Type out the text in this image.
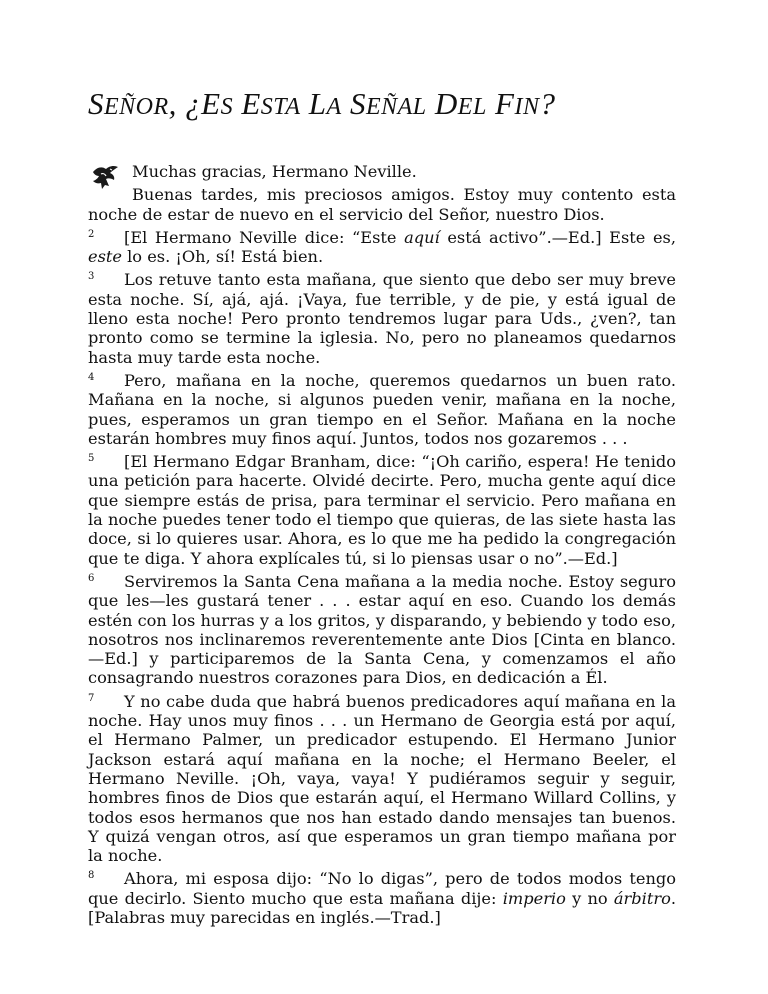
SEÑOR, ¿ES ESTA LA SEÑAL DEL FIN?

Muchas gracias, Hermano Neville.

Buenas tardes, mis preciosos amigos. Estoy muy contento esta noche de estar de nuevo en el servicio del Señor, nuestro Dios.

2 [El Hermano Neville dice: “Este aquí está activo”.—Ed.] Este es, este lo es. ¡Oh, sí! Está bien.

3 Los retuve tanto esta mañana, que siento que debo ser muy breve esta noche. Sí, ajá, ajá. ¡Vaya, fue terrible, y de pie, y está igual de lleno esta noche! Pero pronto tendremos lugar para Uds., ¿ven?, tan pronto como se termine la iglesia. No, pero no planeamos quedarnos hasta muy tarde esta noche.

4 Pero, mañana en la noche, queremos quedarnos un buen rato. Mañana en la noche, si algunos pueden venir, mañana en la noche, pues, esperamos un gran tiempo en el Señor. Mañana en la noche estarán hombres muy finos aquí. Juntos, todos nos gozaremos . . .

5 [El Hermano Edgar Branham, dice: “¡Oh cariño, espera! He tenido una petición para hacerte. Olvidé decirte. Pero, mucha gente aquí dice que siempre estás de prisa, para terminar el servicio. Pero mañana en la noche puedes tener todo el tiempo que quieras, de las siete hasta las doce, si lo quieres usar. Ahora, es lo que me ha pedido la congregación que te diga. Y ahora explícales tú, si lo piensas usar o no”.—Ed.]

6 Serviremos la Santa Cena mañana a la media noche. Estoy seguro que les—les gustará tener . . . estar aquí en eso. Cuando los demás estén con los hurras y a los gritos, y disparando, y bebiendo y todo eso, nosotros nos inclinaremos reverentemente ante Dios [Cinta en blanco.—Ed.] y participaremos de la Santa Cena, y comenzamos el año consagrando nuestros corazones para Dios, en dedicación a Él.

7 Y no cabe duda que habrá buenos predicadores aquí mañana en la noche. Hay unos muy finos . . . un Hermano de Georgia está por aquí, el Hermano Palmer, un predicador estupendo. El Hermano Junior Jackson estará aquí mañana en la noche; el Hermano Beeler, el Hermano Neville. ¡Oh, vaya, vaya! Y pudiéramos seguir y seguir, hombres finos de Dios que estarán aquí, el Hermano Willard Collins, y todos esos hermanos que nos han estado dando mensajes tan buenos. Y quizá vengan otros, así que esperamos un gran tiempo mañana por la noche.

8 Ahora, mi esposa dijo: “No lo digas”, pero de todos modos tengo que decirlo. Siento mucho que esta mañana dije: imperio y no árbitro. [Palabras muy parecidas en inglés.—Trad.]
